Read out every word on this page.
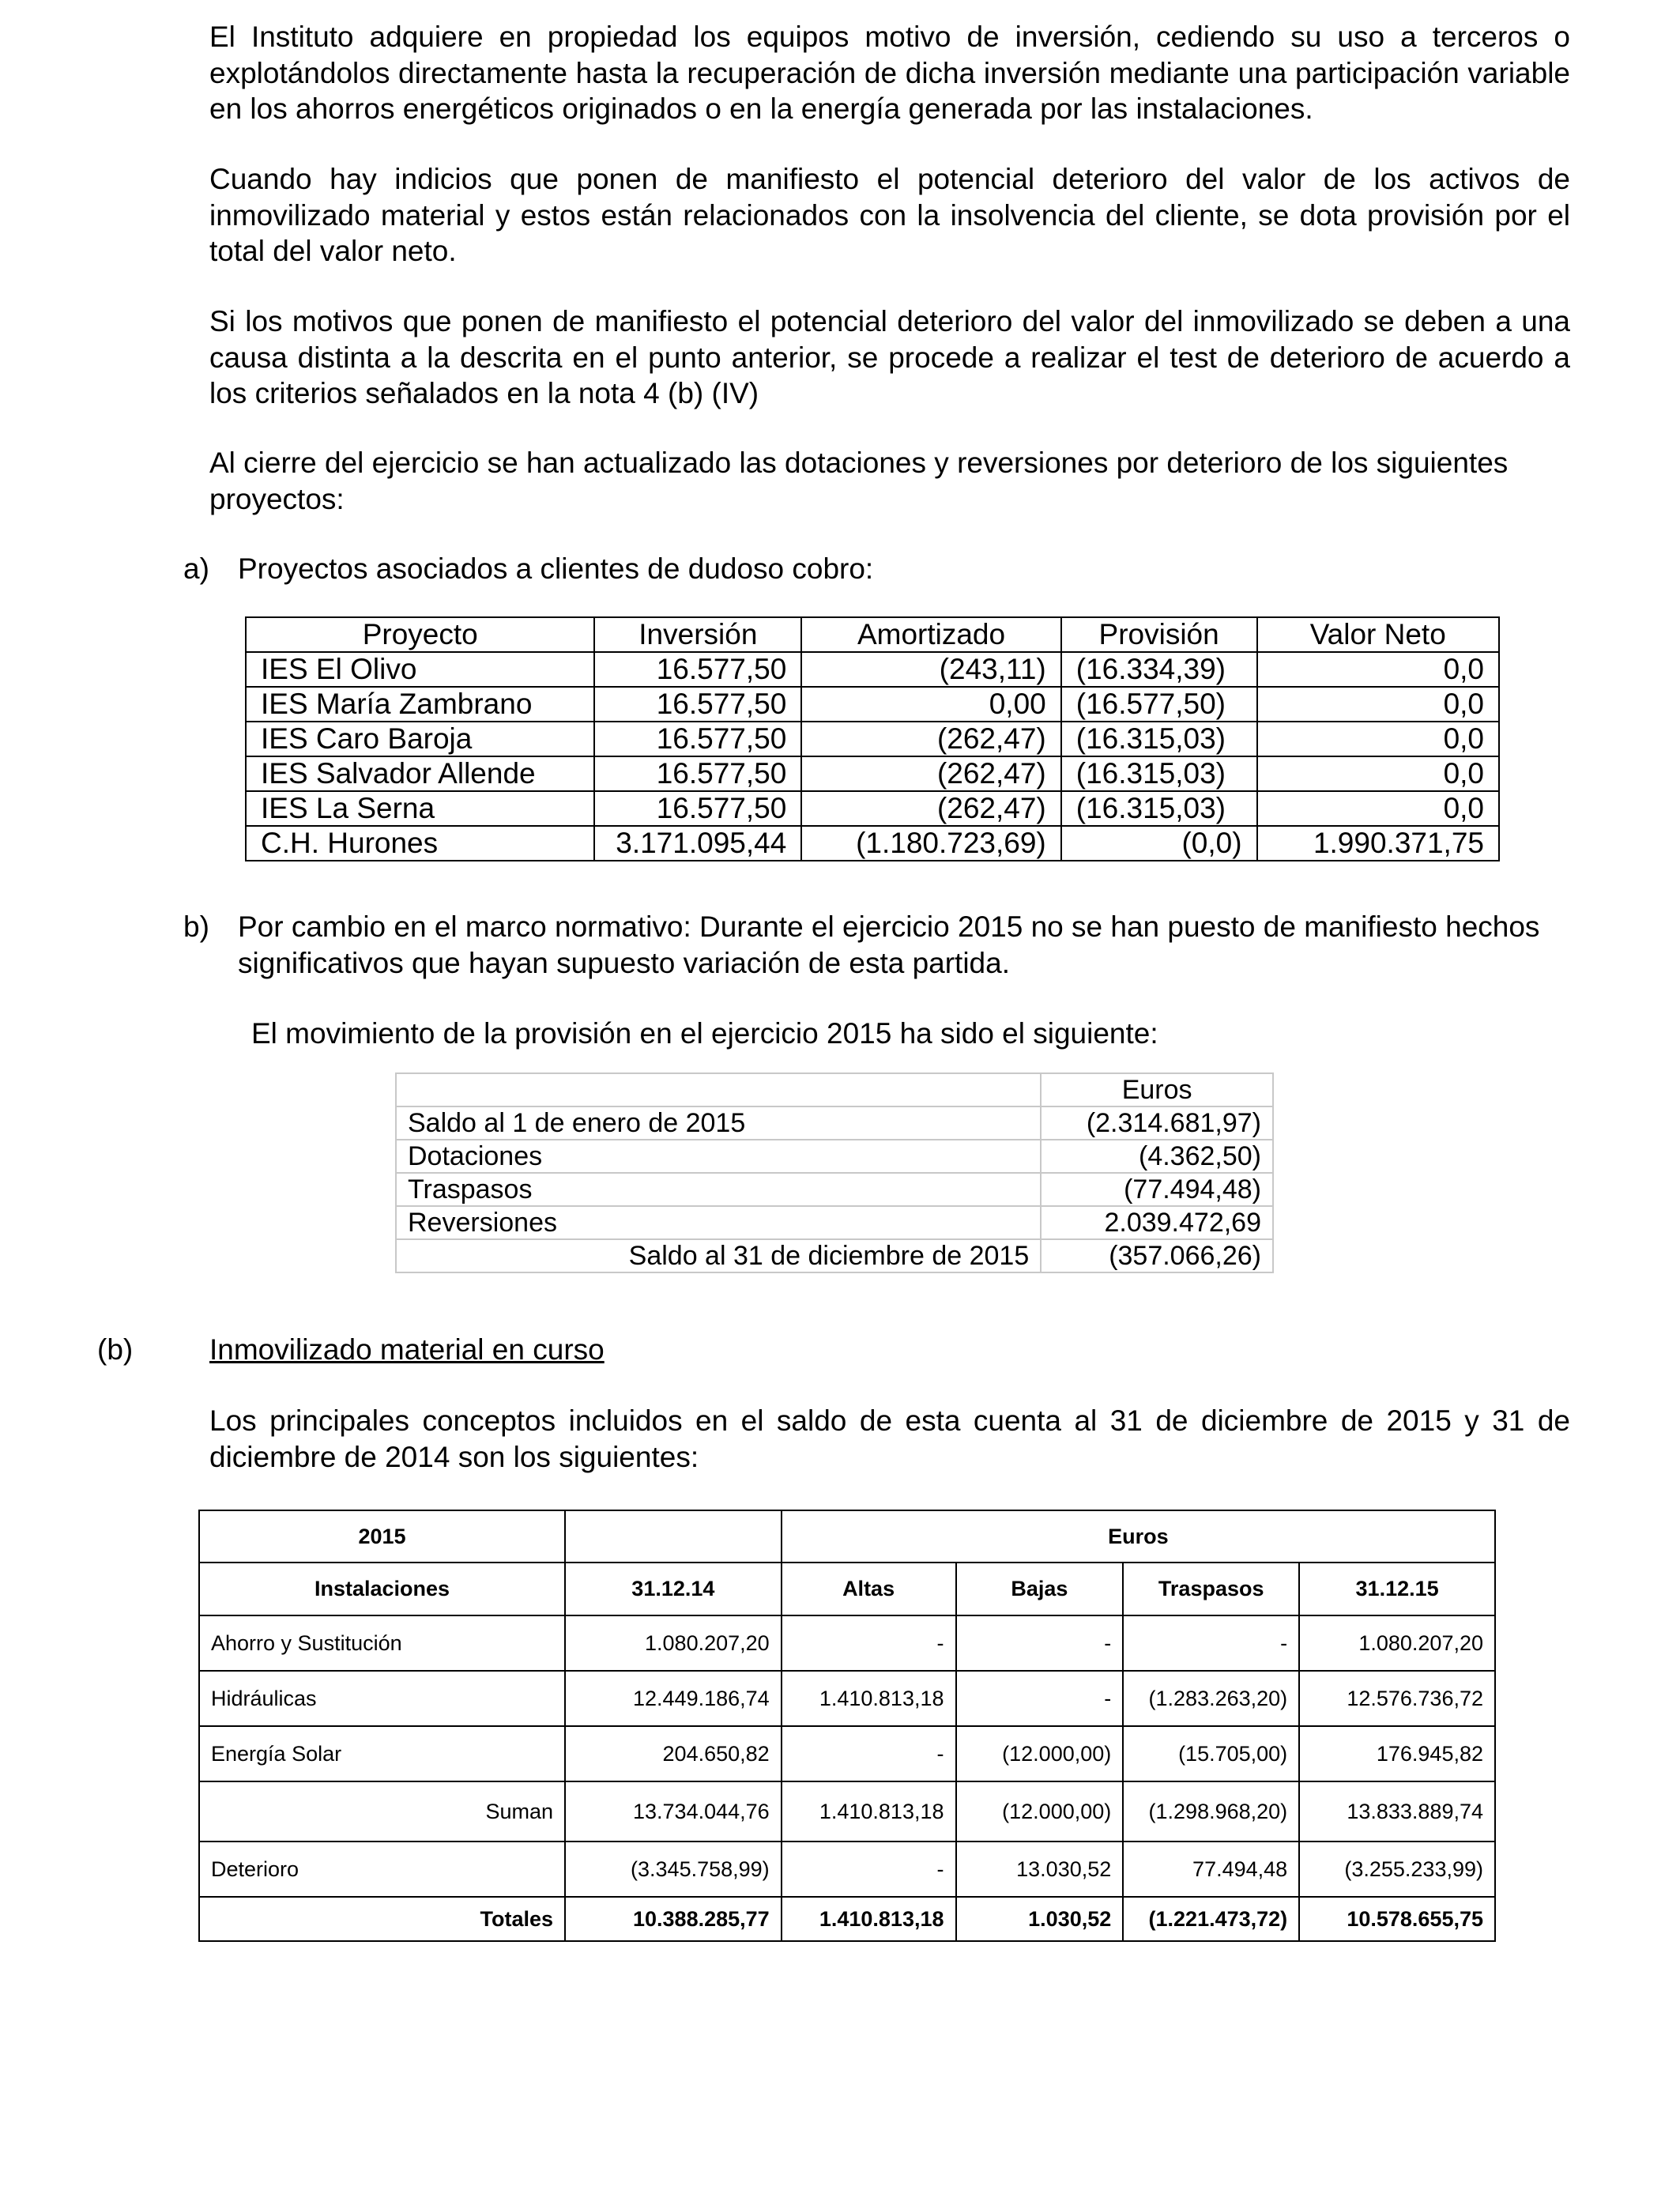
El Instituto adquiere en propiedad los equipos motivo de inversión, cediendo su uso a terceros o explotándolos directamente hasta la recuperación de dicha inversión mediante una participación variable en los ahorros energéticos originados o en la energía generada por las instalaciones.

Cuando hay indicios que ponen de manifiesto el potencial deterioro del valor de los activos de inmovilizado material y estos están relacionados con la insolvencia del cliente, se dota provisión por el total del valor neto.

Si los motivos que ponen de manifiesto el potencial deterioro del valor del inmovilizado se deben a una causa distinta a la descrita en el punto anterior, se procede a realizar el test de deterioro de acuerdo a los criterios señalados en la nota 4 (b) (IV)

Al cierre del ejercicio se han actualizado las dotaciones y reversiones por deterioro de los siguientes proyectos:

a) Proyectos asociados a clientes de dudoso cobro:
Proyecto	Inversión	Amortizado	Provisión	Valor Neto
IES El Olivo	16.577,50	(243,11)	(16.334,39)	0,0
IES María Zambrano	16.577,50	0,00	(16.577,50)	0,0
IES Caro Baroja	16.577,50	(262,47)	(16.315,03)	0,0
IES Salvador Allende	16.577,50	(262,47)	(16.315,03)	0,0
IES La Serna	16.577,50	(262,47)	(16.315,03)	0,0
C.H. Hurones	3.171.095,44	(1.180.723,69)	(0,0)	1.990.371,75
b) Por cambio en el marco normativo: Durante el ejercicio 2015 no se han puesto de manifiesto hechos significativos que hayan supuesto variación de esta partida.

El movimiento de la provisión en el ejercicio 2015 ha sido el siguiente:

	Euros
Saldo al 1 de enero de 2015	(2.314.681,97)
Dotaciones	(4.362,50)
Traspasos	(77.494,48)
Reversiones	2.039.472,69
Saldo al 31 de diciembre de 2015	(357.066,26)
(b)	Inmovilizado material en curso

Los principales conceptos incluidos en el saldo de esta cuenta al 31 de diciembre de 2015 y 31 de diciembre de 2014 son los siguientes:

2015		Euros			
Instalaciones	31.12.14	Altas	Bajas	Traspasos	31.12.15
Ahorro y Sustitución	1.080.207,20	-	-	-	1.080.207,20
Hidráulicas	12.449.186,74	1.410.813,18	-	(1.283.263,20)	12.576.736,72
Energía Solar	204.650,82	-	(12.000,00)	(15.705,00)	176.945,82
Suman	13.734.044,76	1.410.813,18	(12.000,00)	(1.298.968,20)	13.833.889,74
Deterioro	(3.345.758,99)	-	13.030,52	77.494,48	(3.255.233,99)
Totales	10.388.285,77	1.410.813,18	1.030,52	(1.221.473,72)	10.578.655,75
